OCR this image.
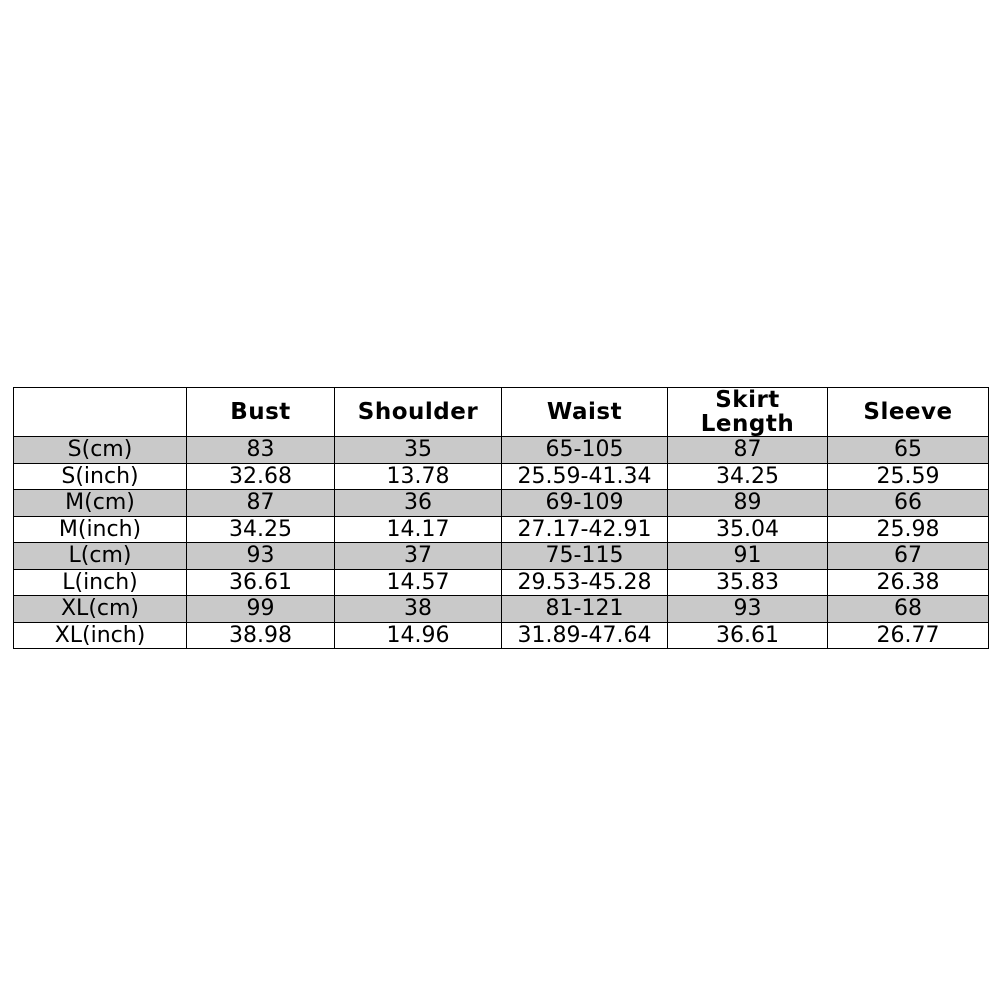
	Bust	Shoulder	Waist	Skirt Length	Sleeve
S(cm)	83	35	65-105	87	65
S(inch)	32.68	13.78	25.59-41.34	34.25	25.59
M(cm)	87	36	69-109	89	66
M(inch)	34.25	14.17	27.17-42.91	35.04	25.98
L(cm)	93	37	75-115	91	67
L(inch)	36.61	14.57	29.53-45.28	35.83	26.38
XL(cm)	99	38	81-121	93	68
XL(inch)	38.98	14.96	31.89-47.64	36.61	26.77
